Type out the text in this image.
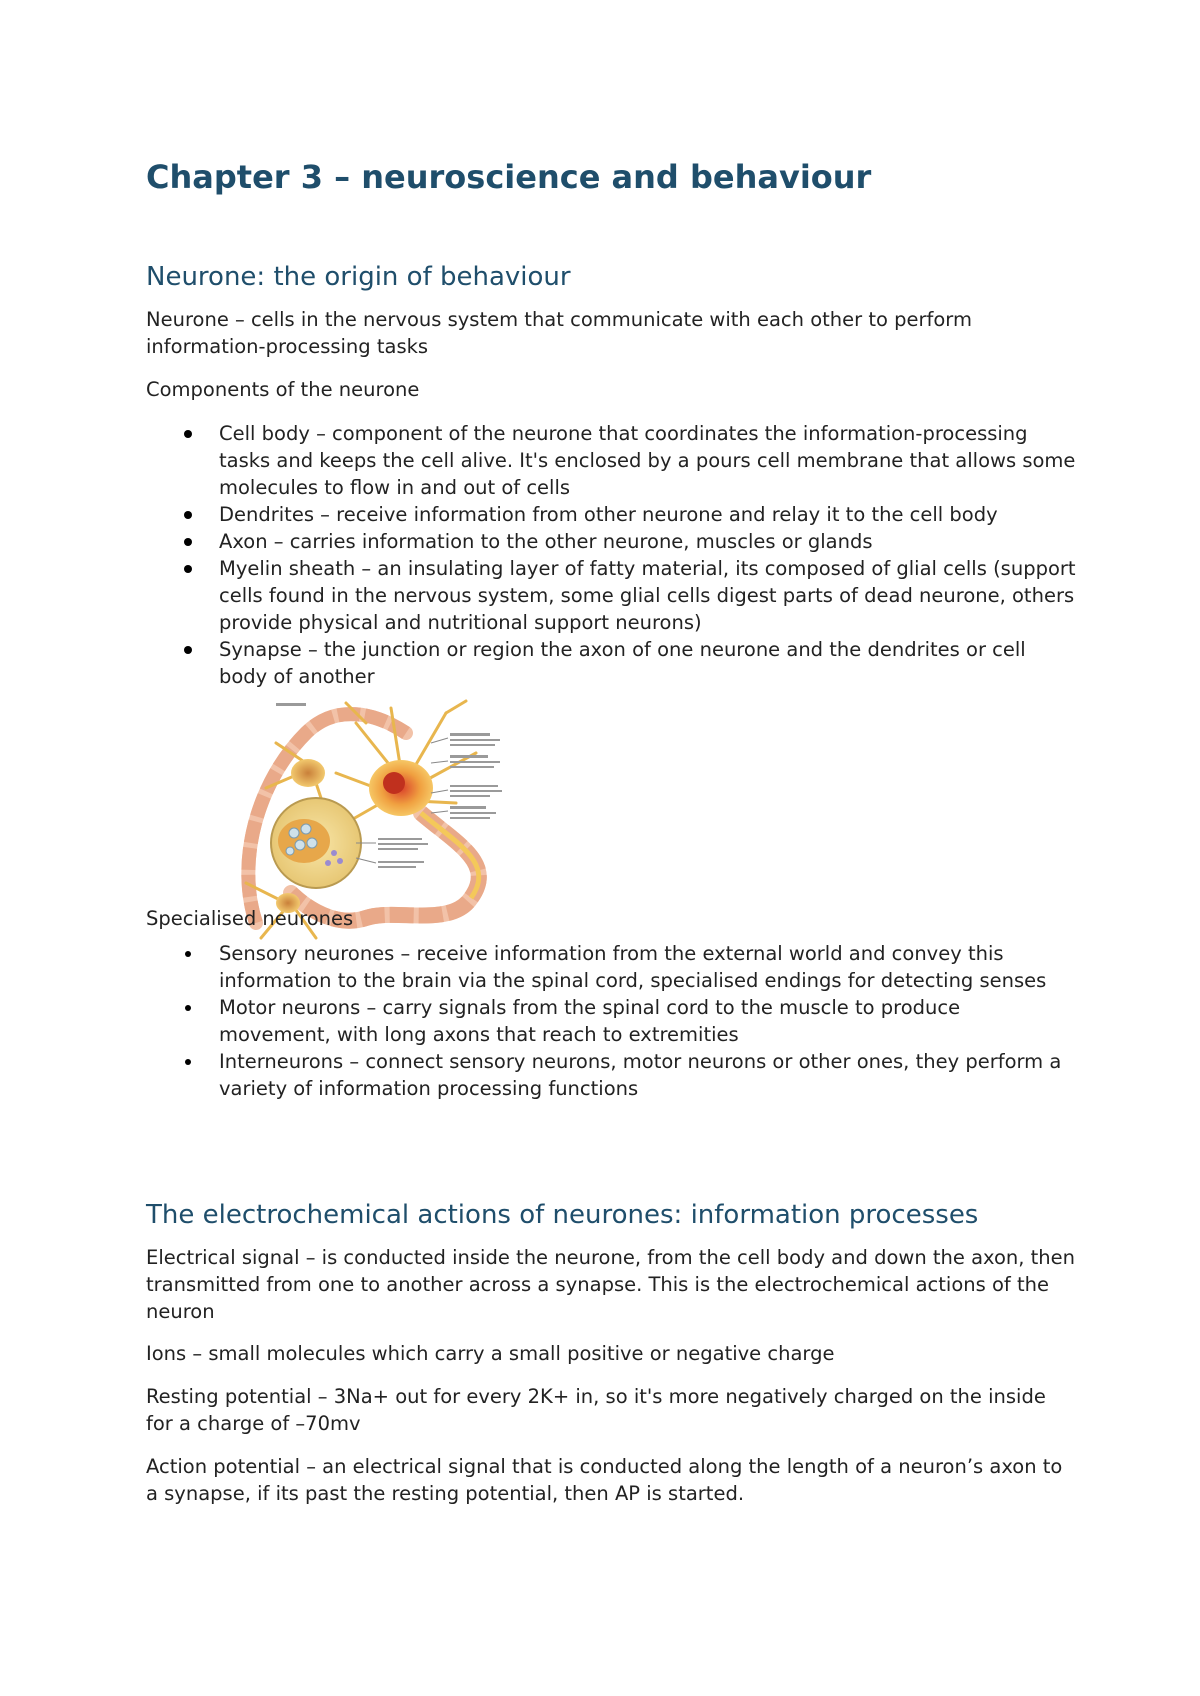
Chapter 3 – neuroscience and behaviour
Neurone: the origin of behaviour

Neurone – cells in the nervous system that communicate with each other to perform information-processing tasks

Components of the neurone

Cell body – component of the neurone that coordinates the information-processing tasks and keeps the cell alive. It's enclosed by a pours cell membrane that allows some molecules to flow in and out of cells
Dendrites – receive information from other neurone and relay it to the cell body
Axon – carries information to the other neurone, muscles or glands
Myelin sheath – an insulating layer of fatty material, its composed of glial cells (support cells found in the nervous system, some glial cells digest parts of dead neurone, others provide physical and nutritional support neurons)
Synapse – the junction or region the axon of one neurone and the dendrites or cell body of another

Specialised neurones

Sensory neurones – receive information from the external world and convey this information to the brain via the spinal cord, specialised endings for detecting senses
Motor neurons – carry signals from the spinal cord to the muscle to produce movement, with long axons that reach to extremities
Interneurons – connect sensory neurons, motor neurons or other ones, they perform a variety of information processing functions
The electrochemical actions of neurones: information processes

Electrical signal – is conducted inside the neurone, from the cell body and down the axon, then transmitted from one to another across a synapse. This is the electrochemical actions of the neuron

Ions – small molecules which carry a small positive or negative charge

Resting potential – 3Na+ out for every 2K+ in, so it's more negatively charged on the inside for a charge of –70mv

Action potential – an electrical signal that is conducted along the length of a neuron’s axon to a synapse, if its past the resting potential, then AP is started.
